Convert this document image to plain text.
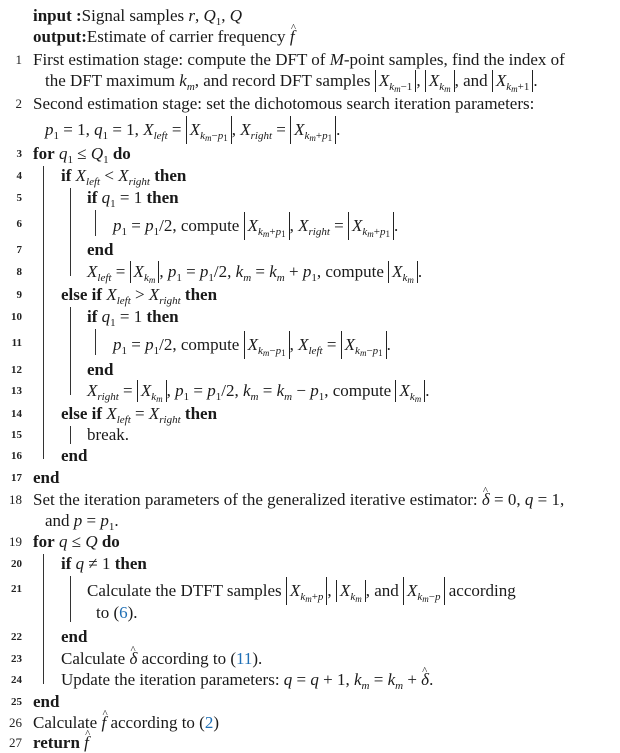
input :Signal samples r, $Q_1$, Q
output:Estimate of carrier frequency ^ f
1 First estimation stage: compute the DFT of M-point samples, find the index of
the DFT maximum $k_m$, and record DFT samples $X_{k_m-1}$ , $X_{k_m}$ , and $X_{k_m+1}$ .
2 Second estimation stage: set the dichotomous search iteration parameters:
$p_1 = 1$, $q_1 = 1$, $X_{left} = X_{k_m-p_1}$ , $X_{right} = X_{k_m+p_1}$ .
3 for $q_1 \le Q_1$ do
4 if $X_{left} < X_{right}$ then
5	if $q_1 = 1$ then
6	$p_1 = p_1/2$, compute $X_{k_m+p_1}$ , $X_{right} = X_{k_m+p_1}$ .
7	end
8	$X_{left} = X_{k_m}$ , $p_1 = p_1/2$, $k_m = k_m + p_1$, compute $X_{k_m}$ .
9 else if $X_{left} > X_{right}$ then
10	if $q_1 = 1$ then
11	$p_1 = p_1/2$, compute $X_{k_m-p_1}$ , $X_{left} = X_{k_m-p_1}$ .
12	end
13	$X_{right} = X_{k_m}$ , $p_1 = p_1/2$, $k_m = k_m - p_1$, compute $X_{k_m}$ .
14 else if $X_{left} = X_{right}$ then
15	break.
16 end
17 end
18 Set the iteration parameters of the generalized iterative estimator: ^ δ = 0, q = 1,
and $p = p_1$.
19 for q ≤ Q do
20 if q ≠ 1 then
21	Calculate the DTFT samples $X_{k_m+p}$ , $X_{k_m}$ , and $X_{k_m-p}$ according
to (6).
22 end
23 Calculate ^ δ according to (11).
24 Update the iteration parameters: q = q + 1, $k_m = k_m$ + ^ δ.
25 end
26 Calculate ^ f according to (2)
27 return ^ f
